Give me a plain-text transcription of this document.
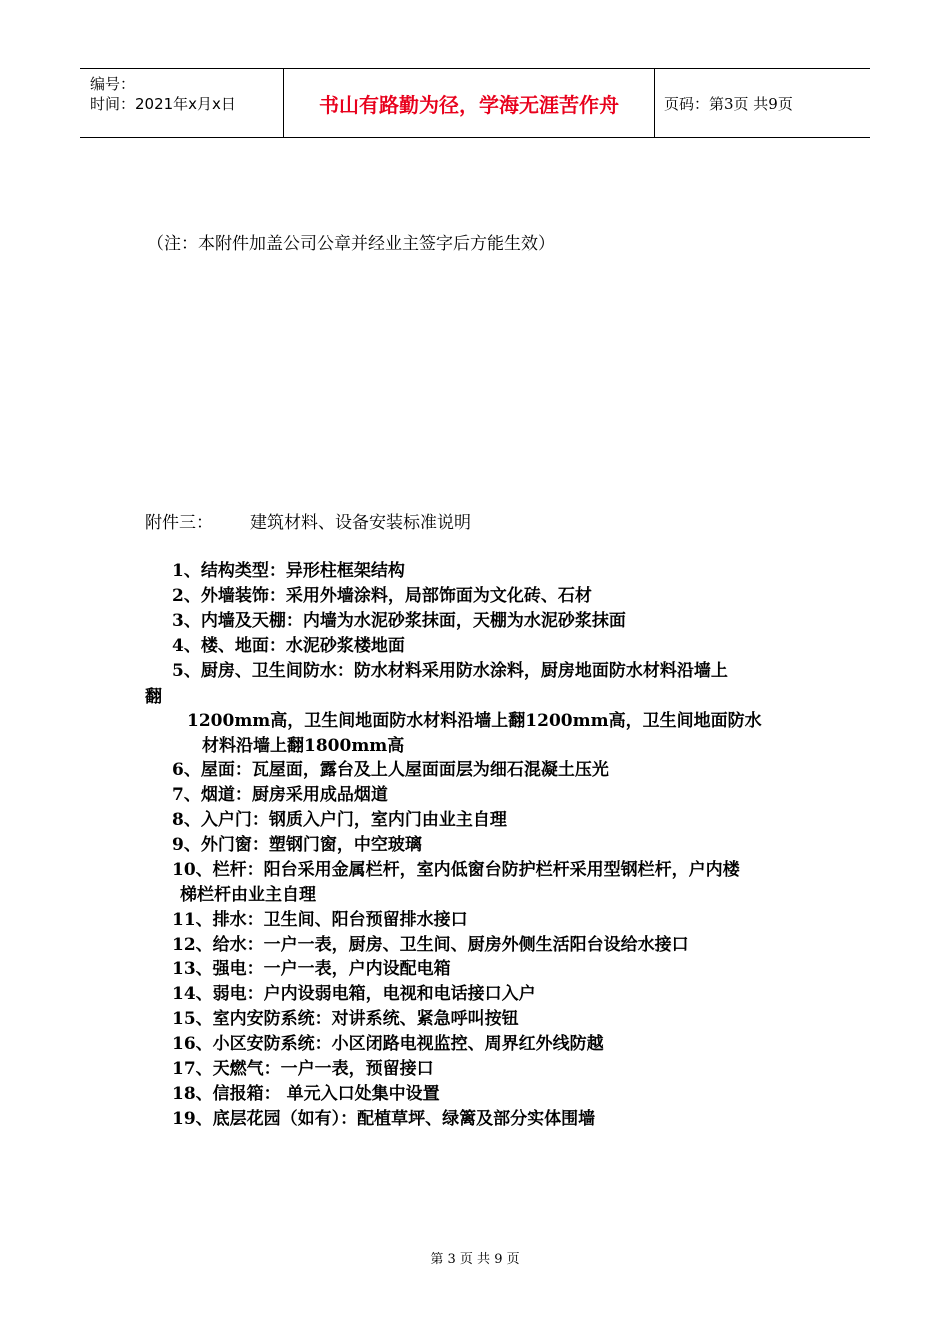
编号：
时间：2021年x月x日	书山有路勤为径，学海无涯苦作舟	页码：第3页 共9页
（注：本附件加盖公司公章并经业主签字后方能生效）
附件三： 建筑材料、设备安装标准说明
1、结构类型：异形柱框架结构
2、外墙装饰：采用外墙涂料，局部饰面为文化砖、石材
3、内墙及天棚：内墙为水泥砂浆抹面，天棚为水泥砂浆抹面
4、楼、地面：水泥砂浆楼地面
5、厨房、卫生间防水：防水材料采用防水涂料，厨房地面防水材料沿墙上
翻
1200mm高，卫生间地面防水材料沿墙上翻1200mm高，卫生间地面防水
材料沿墙上翻1800mm高
6、屋面：瓦屋面，露台及上人屋面面层为细石混凝土压光
7、烟道：厨房采用成品烟道
8、入户门：钢质入户门，室内门由业主自理
9、外门窗：塑钢门窗，中空玻璃
10、栏杆：阳台采用金属栏杆，室内低窗台防护栏杆采用型钢栏杆，户内楼
梯栏杆由业主自理
11、排水：卫生间、阳台预留排水接口
12、给水：一户一表，厨房、卫生间、厨房外侧生活阳台设给水接口
13、强电：一户一表，户内设配电箱
14、弱电：户内设弱电箱，电视和电话接口入户
15、室内安防系统：对讲系统、紧急呼叫按钮
16、小区安防系统：小区闭路电视监控、周界红外线防越
17、天燃气：一户一表，预留接口
18、信报箱： 单元入口处集中设置
19、底层花园（如有）：配植草坪、绿篱及部分实体围墙
第 3 页 共 9 页
